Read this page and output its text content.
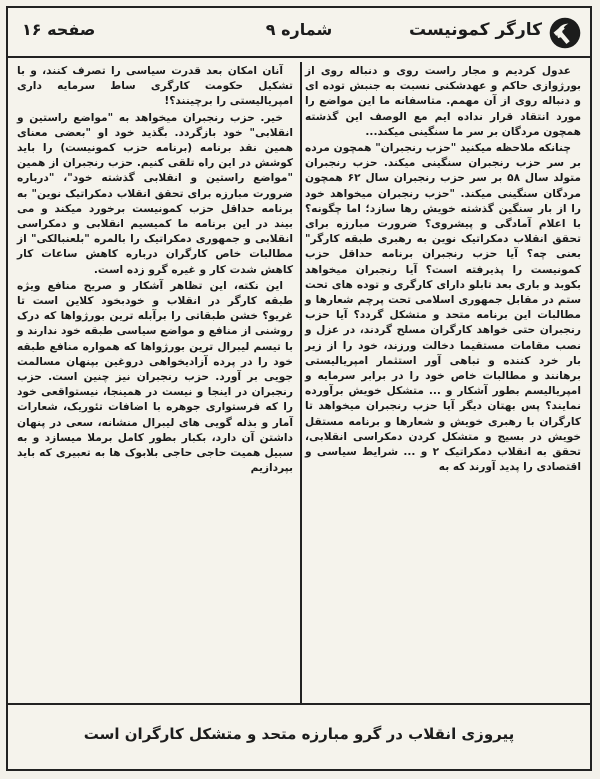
کارگر کمونیست
شماره ۹
صفحه ۱۶

عدول کردیم و مجار راست روی و دنباله روی از بورژوازی حاکم و عهدشکنی نسبت به جنبش توده ای و دنباله روی از آن مهمم. متاسفانه ما این مواضع را مورد انتقاد قرار نداده ایم مع الوصف این گذشته همچون مردگان بر سر ما سنگینی میکند...

چنانکه ملاحظه میکنید "حزب رنجبران" همچون مرده بر سر حزب رنجبران سنگینی میکند. حزب رنجبران متولد سال ۵۸ بر سر حزب رنجبران سال ۶۲ همچون مردگان سنگینی میکند. "حزب رنجبران میخواهد خود را از بار سنگین گذشته خویش رها سازد؛ اما چگونه؟ با اعلام آمادگی و پیشروی؟ ضرورت مبارزه برای تحقق انقلاب دمکراتیک نوین به رهبری طبقه کارگر" بعنی چه؟ آیا حزب رنجبران برنامه حداقل حزب کمونیست را پذیرفته است؟ آیا رنجبران میخواهد بکوبد و باری بعد تابلو دارای کارگری و توده های تحت ستم در مقابل جمهوری اسلامی تحت پرچم شعارها و مطالبات این برنامه متحد و متشکل گردد؟ آیا حزب رنجبران حتی خواهد کارگران مسلح گردند، در عزل و نصب مقامات مستقیما دخالت ورزند، خود را از زیر بار خرد کننده و تباهی آور استثمار امپریالیستی برهانند و مطالبات خاص خود را در برابر سرمایه و امپریالیسم بطور آشکار و ... متشکل خویش برآورده نمایند؟ پس بهتان دیگر آیا حزب رنجبران میخواهد تا کارگران با رهبری خویش و شعارها و برنامه مستقل خویش در بسیج و متشکل کردن دمکراسی انقلابی، تحقق به انقلاب دمکراتیک ۲ و ... شرایط سیاسی و اقتصادی را پدید آورند که به

آنان امکان بعد قدرت سیاسی را تصرف کنند، و با تشکیل حکومت کارگری ساط سرمایه داری امپریالیستی را برچینند؟!

خیر. حزب رنجبران میخواهد به "مواضع راستین و انقلابی" خود بازگردد. بگذید خود او "بعضی معنای همین نقد برنامه (برنامه حزب کمونیست) را باید کوشش در این راه تلقی کنیم. حزب رنجبران از همین "مواضع راستین و انقلابی گذشته خود"، "درباره ضرورت مبارزه برای تحقق انقلاب دمکراتیک نوین" به برنامه حداقل حزب کمونیست برخورد میکند و می بیند در این برنامه ما کمیسیم انقلابی و دمکراسی انقلابی و جمهوری دمکراتیک را بالمره "بلعنبالکی" از مطالبات خاص کارگران درباره کاهش ساعات کار کاهش شدت کار و غیره گرو زده است.

این نکته، این تظاهر آشکار و صریح منافع ویژه طبقه کارگر در انقلاب و خودبخود کلاین است تا غریو؟ خشن طبقاتی را برآبله ترین بورژواها که درک روشنی از منافع و مواضع سیاسی طبقه خود ندارند و با تیسم لیبرال ترین بورژواها که همواره منافع طبقه خود را در پرده آزادیخواهی دروغین بپنهان مسالمت جویی بر آورد. حزب رنجبران نیز چنین است. حزب رنجبران در اینجا و نیست در همینجا، نیستواقعی خود را که فرستواری جوهره با اضافات تئوریک، شعارات آمار و بذله گویی های لیبرال منشانه، سعی در پنهان داشتن آن دارد، بکبار بطور کامل برملا میسازد و به سبیل همیت حاجی حاجی بلابوک ها به تعبیری که باید بپردازیم

پیروزی انقلاب در گرو مبارزه متحد و متشکل کارگران است
